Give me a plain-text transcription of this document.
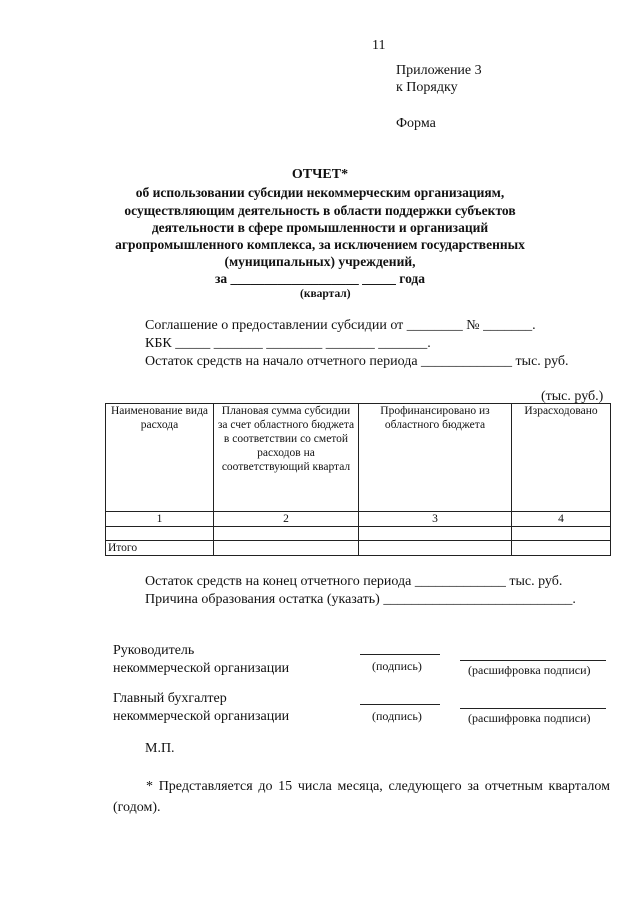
11
Приложение 3
к Порядку
Форма
ОТЧЕТ*
об использовании субсидии некоммерческим организациям,
осуществляющим деятельность в области поддержки субъектов
деятельности в сфере промышленности и организаций
агропромышленного комплекса, за исключением государственных
(муниципальных) учреждений,
за ___________________ _____ года
(квартал)
Соглашение о предоставлении субсидии от ________ № _______.
КБК _____ _______ ________ _______ _______.
Остаток средств на начало отчетного периода _____________ тыс. руб.
(тыс. руб.)
Наименование вида расхода	Плановая сумма субсидии за счет областного бюджета в соответствии со сметой расходов на соответствующий квартал	Профинансировано из областного бюджета	Израсходовано
1	2	3	4

Итого			
Остаток средств на конец отчетного периода _____________ тыс. руб.
Причина образования остатка (указать) ___________________________.
Руководитель
некоммерческой организации	(подпись)	(расшифровка подписи)
Главный бухгалтер
некоммерческой организации	(подпись)	(расшифровка подписи)
М.П.
* Представляется до 15 числа месяца, следующего за отчетным кварталом (годом).
